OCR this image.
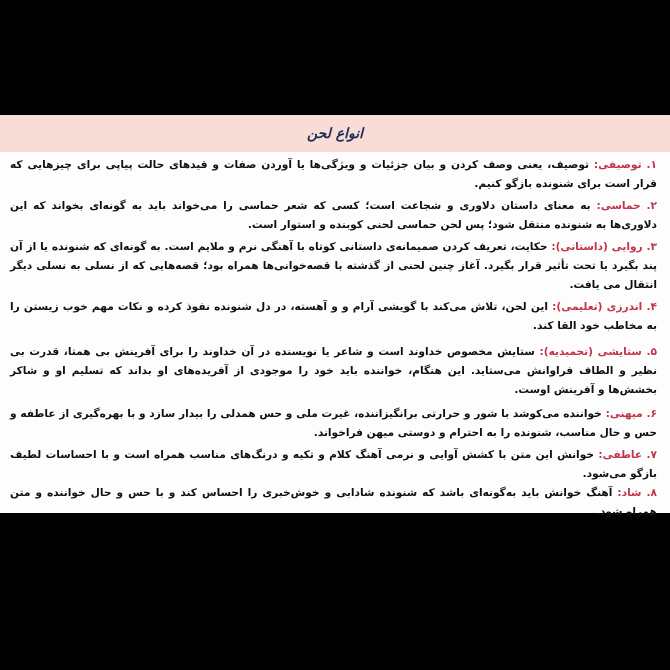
انواع لحن

۱. توصیفی: توصیف، یعنی وصف کردن و بیان جزئیات و ویژگی‌ها یا آوردن صفات و قیدهای حالت پیاپی برای چیزهایی که قرار است برای شنونده بازگو کنیم.

۲. حماسی: به معنای داستان دلاوری و شجاعت است؛ کسی که شعر حماسی را می‌خواند باید به گونه‌ای بخواند که این دلاوری‌ها به شنونده منتقل شود؛ پس لحن حماسی لحنی کوبنده و استوار است.

۳. روایی (داستانی): حکایت، تعریف کردن صمیمانه‌ی داستانی کوتاه با آهنگی نرم و ملایم است. به گونه‌ای که شنونده یا از آن پند بگیرد یا تحت تأثیر قرار بگیرد. آغاز چنین لحنی از گذشته با قصه‌خوانی‌ها همراه بود؛ قصه‌هایی که از نسلی به نسلی دیگر انتقال می یافت.

۴. اندرزی (تعلیمی): این لحن، تلاش می‌کند با گویشی آرام و و آهسته، در دل شنونده نفوذ کرده و نکات مهم خوب زیستن را به مخاطب خود القا کند.

۵. ستایشی (تحمیدیه): ستایش مخصوص خداوند است و شاعر یا نویسنده در آن خداوند را برای آفرینش بی همتا، قدرت بی نظیر و الطاف فراوانش می‌ستاید. این هنگام، خواننده باید خود را موجودی از آفریده‌های او بداند که تسلیم او و شاکر بخشش‌ها و آفرینش اوست.

۶. میهنی: خواننده می‌کوشد با شور و حرارتی برانگیزاننده، غیرت ملی و حس همدلی را بیدار سازد و با بهره‌گیری از عاطفه و حس و حال مناسب، شنونده را به احترام و دوستی میهن فراخواند.

۷. عاطفی: خوانش این متن با کشش آوایی و نرمی آهنگ کلام و تکیه و درنگ‌های مناسب همراه است و با احساسات لطیف بازگو می‌شود.

۸. شاد: آهنگ خوانش باید به‌گونه‌ای باشد که شنونده شادابی و خوش‌خبری را احساس کند و با حس و حال خواننده و متن همراه شود.
